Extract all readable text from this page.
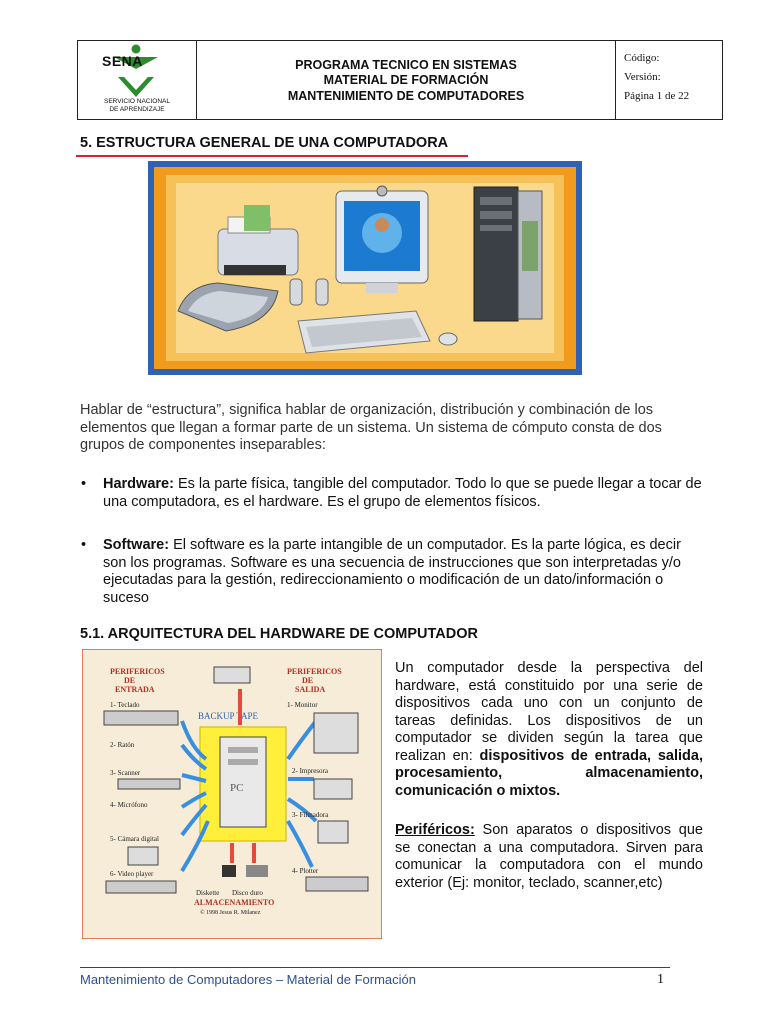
SENA
SERVICIO NACIONAL
DE APRENDIZAJE
PROGRAMA TECNICO EN SISTEMAS
MATERIAL DE FORMACIÓN
MANTENIMIENTO DE COMPUTADORES
Código:
Versión:
Página 1 de 22
5. ESTRUCTURA GENERAL DE UNA COMPUTADORA
Hablar de “estructura”, significa hablar de organización, distribución y combinación de los elementos que llegan a formar parte de un sistema. Un sistema de cómputo consta de dos grupos de componentes inseparables:
• Hardware: Es la parte física, tangible del computador. Todo lo que se puede llegar a tocar de una computadora, es el hardware. Es el grupo de elementos físicos.
• Software: El software es la parte intangible de un computador. Es la parte lógica, es decir son los programas. Software es una secuencia de instrucciones que son interpretadas y/o ejecutadas para la gestión, redireccionamiento o modificación de un dato/información o suceso
5.1. ARQUITECTURA DEL HARDWARE DE COMPUTADOR
PERIFERICOS
DE
ENTRADA
PERIFERICOS
DE
SALIDA
BACKUP TAPE
PC
1- Teclado
2- Ratón
3- Scanner
4- Micrófono
5- Cámara digital
6- Video player
1- Monitor
2- Impresora
3- Filmadora
4- Plotter
Diskette Disco duro
ALMACENAMIENTO
© 1998 Jesus R. Milanez
Un computador desde la perspectiva del hardware, está constituido por una serie de dispositivos cada uno con un conjunto de tareas definidas. Los dispositivos de un computador se dividen según la tarea que realizan en: dispositivos de entrada, salida, procesamiento, almacenamiento, comunicación o mixtos.
Periféricos: Son aparatos o dispositivos que se conectan a una computadora. Sirven para comunicar la computadora con el mundo exterior (Ej: monitor, teclado, scanner,etc)
Mantenimiento de Computadores – Material de Formación	1
